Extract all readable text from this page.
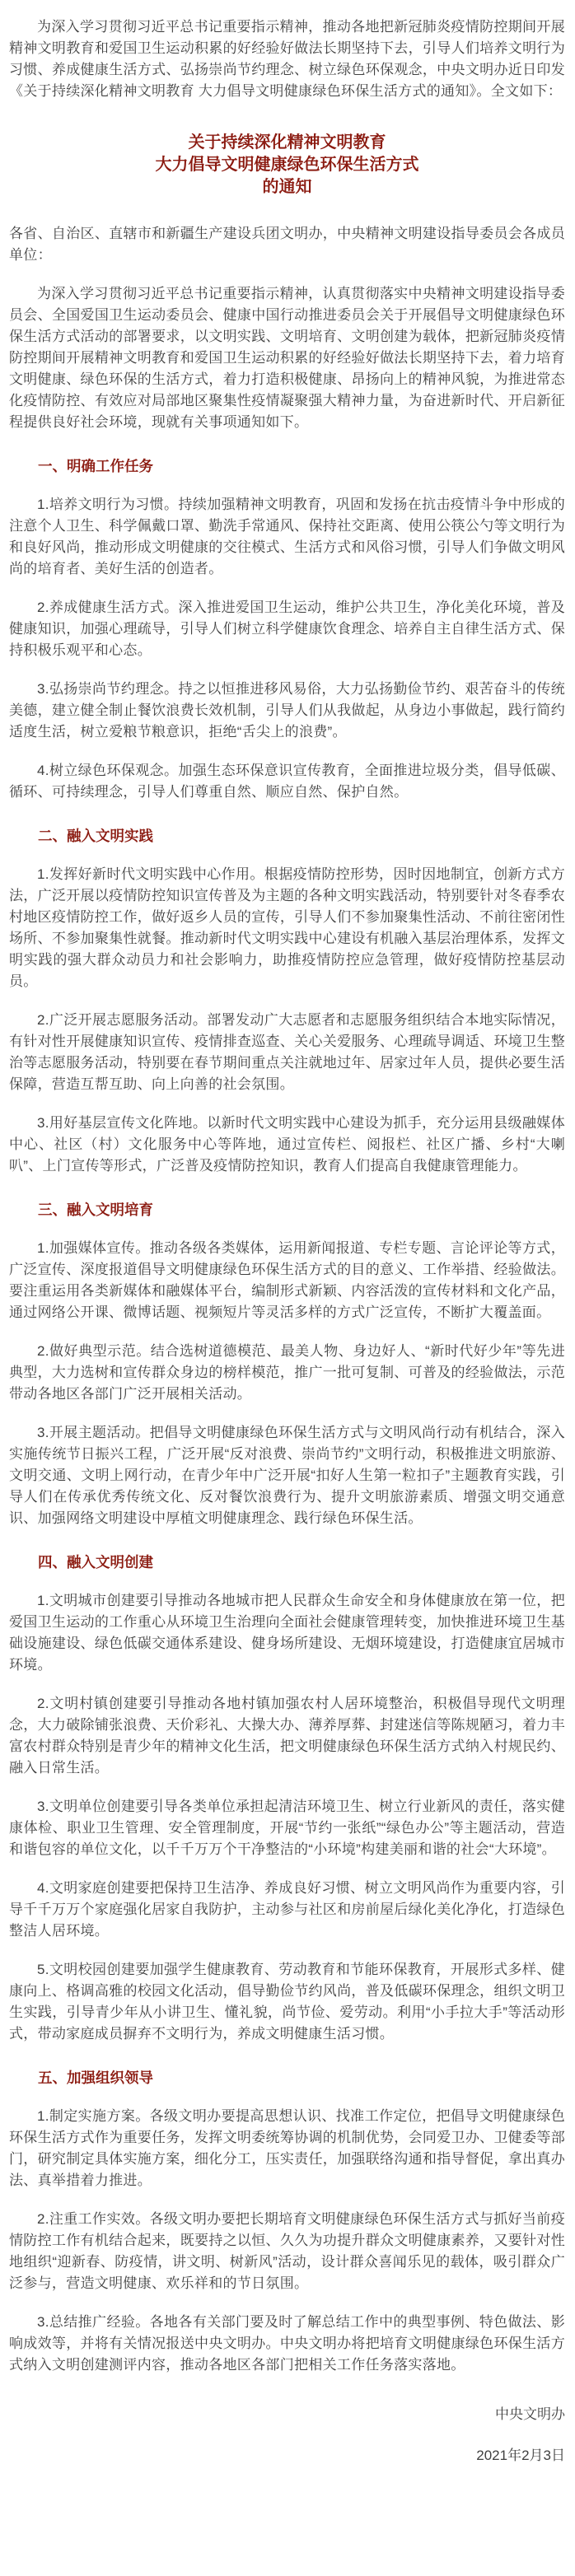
为深入学习贯彻习近平总书记重要指示精神，推动各地把新冠肺炎疫情防控期间开展精神文明教育和爱国卫生运动积累的好经验好做法长期坚持下去，引导人们培养文明行为习惯、养成健康生活方式、弘扬崇尚节约理念、树立绿色环保观念，中央文明办近日印发《关于持续深化精神文明教育 大力倡导文明健康绿色环保生活方式的通知》。全文如下：

关于持续深化精神文明教育
大力倡导文明健康绿色环保生活方式
的通知

各省、自治区、直辖市和新疆生产建设兵团文明办，中央精神文明建设指导委员会各成员单位：

为深入学习贯彻习近平总书记重要指示精神，认真贯彻落实中央精神文明建设指导委员会、全国爱国卫生运动委员会、健康中国行动推进委员会关于开展倡导文明健康绿色环保生活方式活动的部署要求，以文明实践、文明培育、文明创建为载体，把新冠肺炎疫情防控期间开展精神文明教育和爱国卫生运动积累的好经验好做法长期坚持下去，着力培育文明健康、绿色环保的生活方式，着力打造积极健康、昂扬向上的精神风貌，为推进常态化疫情防控、有效应对局部地区聚集性疫情凝聚强大精神力量，为奋进新时代、开启新征程提供良好社会环境，现就有关事项通知如下。

一、明确工作任务

1.培养文明行为习惯。持续加强精神文明教育，巩固和发扬在抗击疫情斗争中形成的注意个人卫生、科学佩戴口罩、勤洗手常通风、保持社交距离、使用公筷公勺等文明行为和良好风尚，推动形成文明健康的交往模式、生活方式和风俗习惯，引导人们争做文明风尚的培育者、美好生活的创造者。

2.养成健康生活方式。深入推进爱国卫生运动，维护公共卫生，净化美化环境，普及健康知识，加强心理疏导，引导人们树立科学健康饮食理念、培养自主自律生活方式、保持积极乐观平和心态。

3.弘扬崇尚节约理念。持之以恒推进移风易俗，大力弘扬勤俭节约、艰苦奋斗的传统美德，建立健全制止餐饮浪费长效机制，引导人们从我做起，从身边小事做起，践行简约适度生活，树立爱粮节粮意识，拒绝“舌尖上的浪费”。

4.树立绿色环保观念。加强生态环保意识宣传教育，全面推进垃圾分类，倡导低碳、循环、可持续理念，引导人们尊重自然、顺应自然、保护自然。

二、融入文明实践

1.发挥好新时代文明实践中心作用。根据疫情防控形势，因时因地制宜，创新方式方法，广泛开展以疫情防控知识宣传普及为主题的各种文明实践活动，特别要针对冬春季农村地区疫情防控工作，做好返乡人员的宣传，引导人们不参加聚集性活动、不前往密闭性场所、不参加聚集性就餐。推动新时代文明实践中心建设有机融入基层治理体系，发挥文明实践的强大群众动员力和社会影响力，助推疫情防控应急管理，做好疫情防控基层动员。

2.广泛开展志愿服务活动。部署发动广大志愿者和志愿服务组织结合本地实际情况，有针对性开展健康知识宣传、疫情排查巡查、关心关爱服务、心理疏导调适、环境卫生整治等志愿服务活动，特别要在春节期间重点关注就地过年、居家过年人员，提供必要生活保障，营造互帮互助、向上向善的社会氛围。

3.用好基层宣传文化阵地。以新时代文明实践中心建设为抓手，充分运用县级融媒体中心、社区（村）文化服务中心等阵地，通过宣传栏、阅报栏、社区广播、乡村“大喇叭”、上门宣传等形式，广泛普及疫情防控知识，教育人们提高自我健康管理能力。

三、融入文明培育

1.加强媒体宣传。推动各级各类媒体，运用新闻报道、专栏专题、言论评论等方式，广泛宣传、深度报道倡导文明健康绿色环保生活方式的目的意义、工作举措、经验做法。要注重运用各类新媒体和融媒体平台，编制形式新颖、内容活泼的宣传材料和文化产品，通过网络公开课、微博话题、视频短片等灵活多样的方式广泛宣传，不断扩大覆盖面。

2.做好典型示范。结合选树道德模范、最美人物、身边好人、“新时代好少年”等先进典型，大力选树和宣传群众身边的榜样模范，推广一批可复制、可普及的经验做法，示范带动各地区各部门广泛开展相关活动。

3.开展主题活动。把倡导文明健康绿色环保生活方式与文明风尚行动有机结合，深入实施传统节日振兴工程，广泛开展“反对浪费、崇尚节约”文明行动，积极推进文明旅游、文明交通、文明上网行动，在青少年中广泛开展“扣好人生第一粒扣子”主题教育实践，引导人们在传承优秀传统文化、反对餐饮浪费行为、提升文明旅游素质、增强文明交通意识、加强网络文明建设中厚植文明健康理念、践行绿色环保生活。

四、融入文明创建

1.文明城市创建要引导推动各地城市把人民群众生命安全和身体健康放在第一位，把爱国卫生运动的工作重心从环境卫生治理向全面社会健康管理转变，加快推进环境卫生基础设施建设、绿色低碳交通体系建设、健身场所建设、无烟环境建设，打造健康宜居城市环境。

2.文明村镇创建要引导推动各地村镇加强农村人居环境整治，积极倡导现代文明理念，大力破除铺张浪费、天价彩礼、大操大办、薄养厚葬、封建迷信等陈规陋习，着力丰富农村群众特别是青少年的精神文化生活，把文明健康绿色环保生活方式纳入村规民约、融入日常生活。

3.文明单位创建要引导各类单位承担起清洁环境卫生、树立行业新风的责任，落实健康体检、职业卫生管理、安全管理制度，开展“节约一张纸”“绿色办公”等主题活动，营造和谐包容的单位文化，以千千万万个干净整洁的“小环境”构建美丽和谐的社会“大环境”。

4.文明家庭创建要把保持卫生洁净、养成良好习惯、树立文明风尚作为重要内容，引导千千万万个家庭强化居家自我防护，主动参与社区和房前屋后绿化美化净化，打造绿色整洁人居环境。

5.文明校园创建要加强学生健康教育、劳动教育和节能环保教育，开展形式多样、健康向上、格调高雅的校园文化活动，倡导勤俭节约风尚，普及低碳环保理念，组织文明卫生实践，引导青少年从小讲卫生、懂礼貌，尚节俭、爱劳动。利用“小手拉大手”等活动形式，带动家庭成员摒弃不文明行为，养成文明健康生活习惯。

五、加强组织领导

1.制定实施方案。各级文明办要提高思想认识、找准工作定位，把倡导文明健康绿色环保生活方式作为重要任务，发挥文明委统筹协调的机制优势，会同爱卫办、卫健委等部门，研究制定具体实施方案，细化分工，压实责任，加强联络沟通和指导督促，拿出真办法、真举措着力推进。

2.注重工作实效。各级文明办要把长期培育文明健康绿色环保生活方式与抓好当前疫情防控工作有机结合起来，既要持之以恒、久久为功提升群众文明健康素养，又要针对性地组织“迎新春、防疫情，讲文明、树新风”活动，设计群众喜闻乐见的载体，吸引群众广泛参与，营造文明健康、欢乐祥和的节日氛围。

3.总结推广经验。各地各有关部门要及时了解总结工作中的典型事例、特色做法、影响成效等，并将有关情况报送中央文明办。中央文明办将把培育文明健康绿色环保生活方式纳入文明创建测评内容，推动各地区各部门把相关工作任务落实落地。

中央文明办

2021年2月3日
